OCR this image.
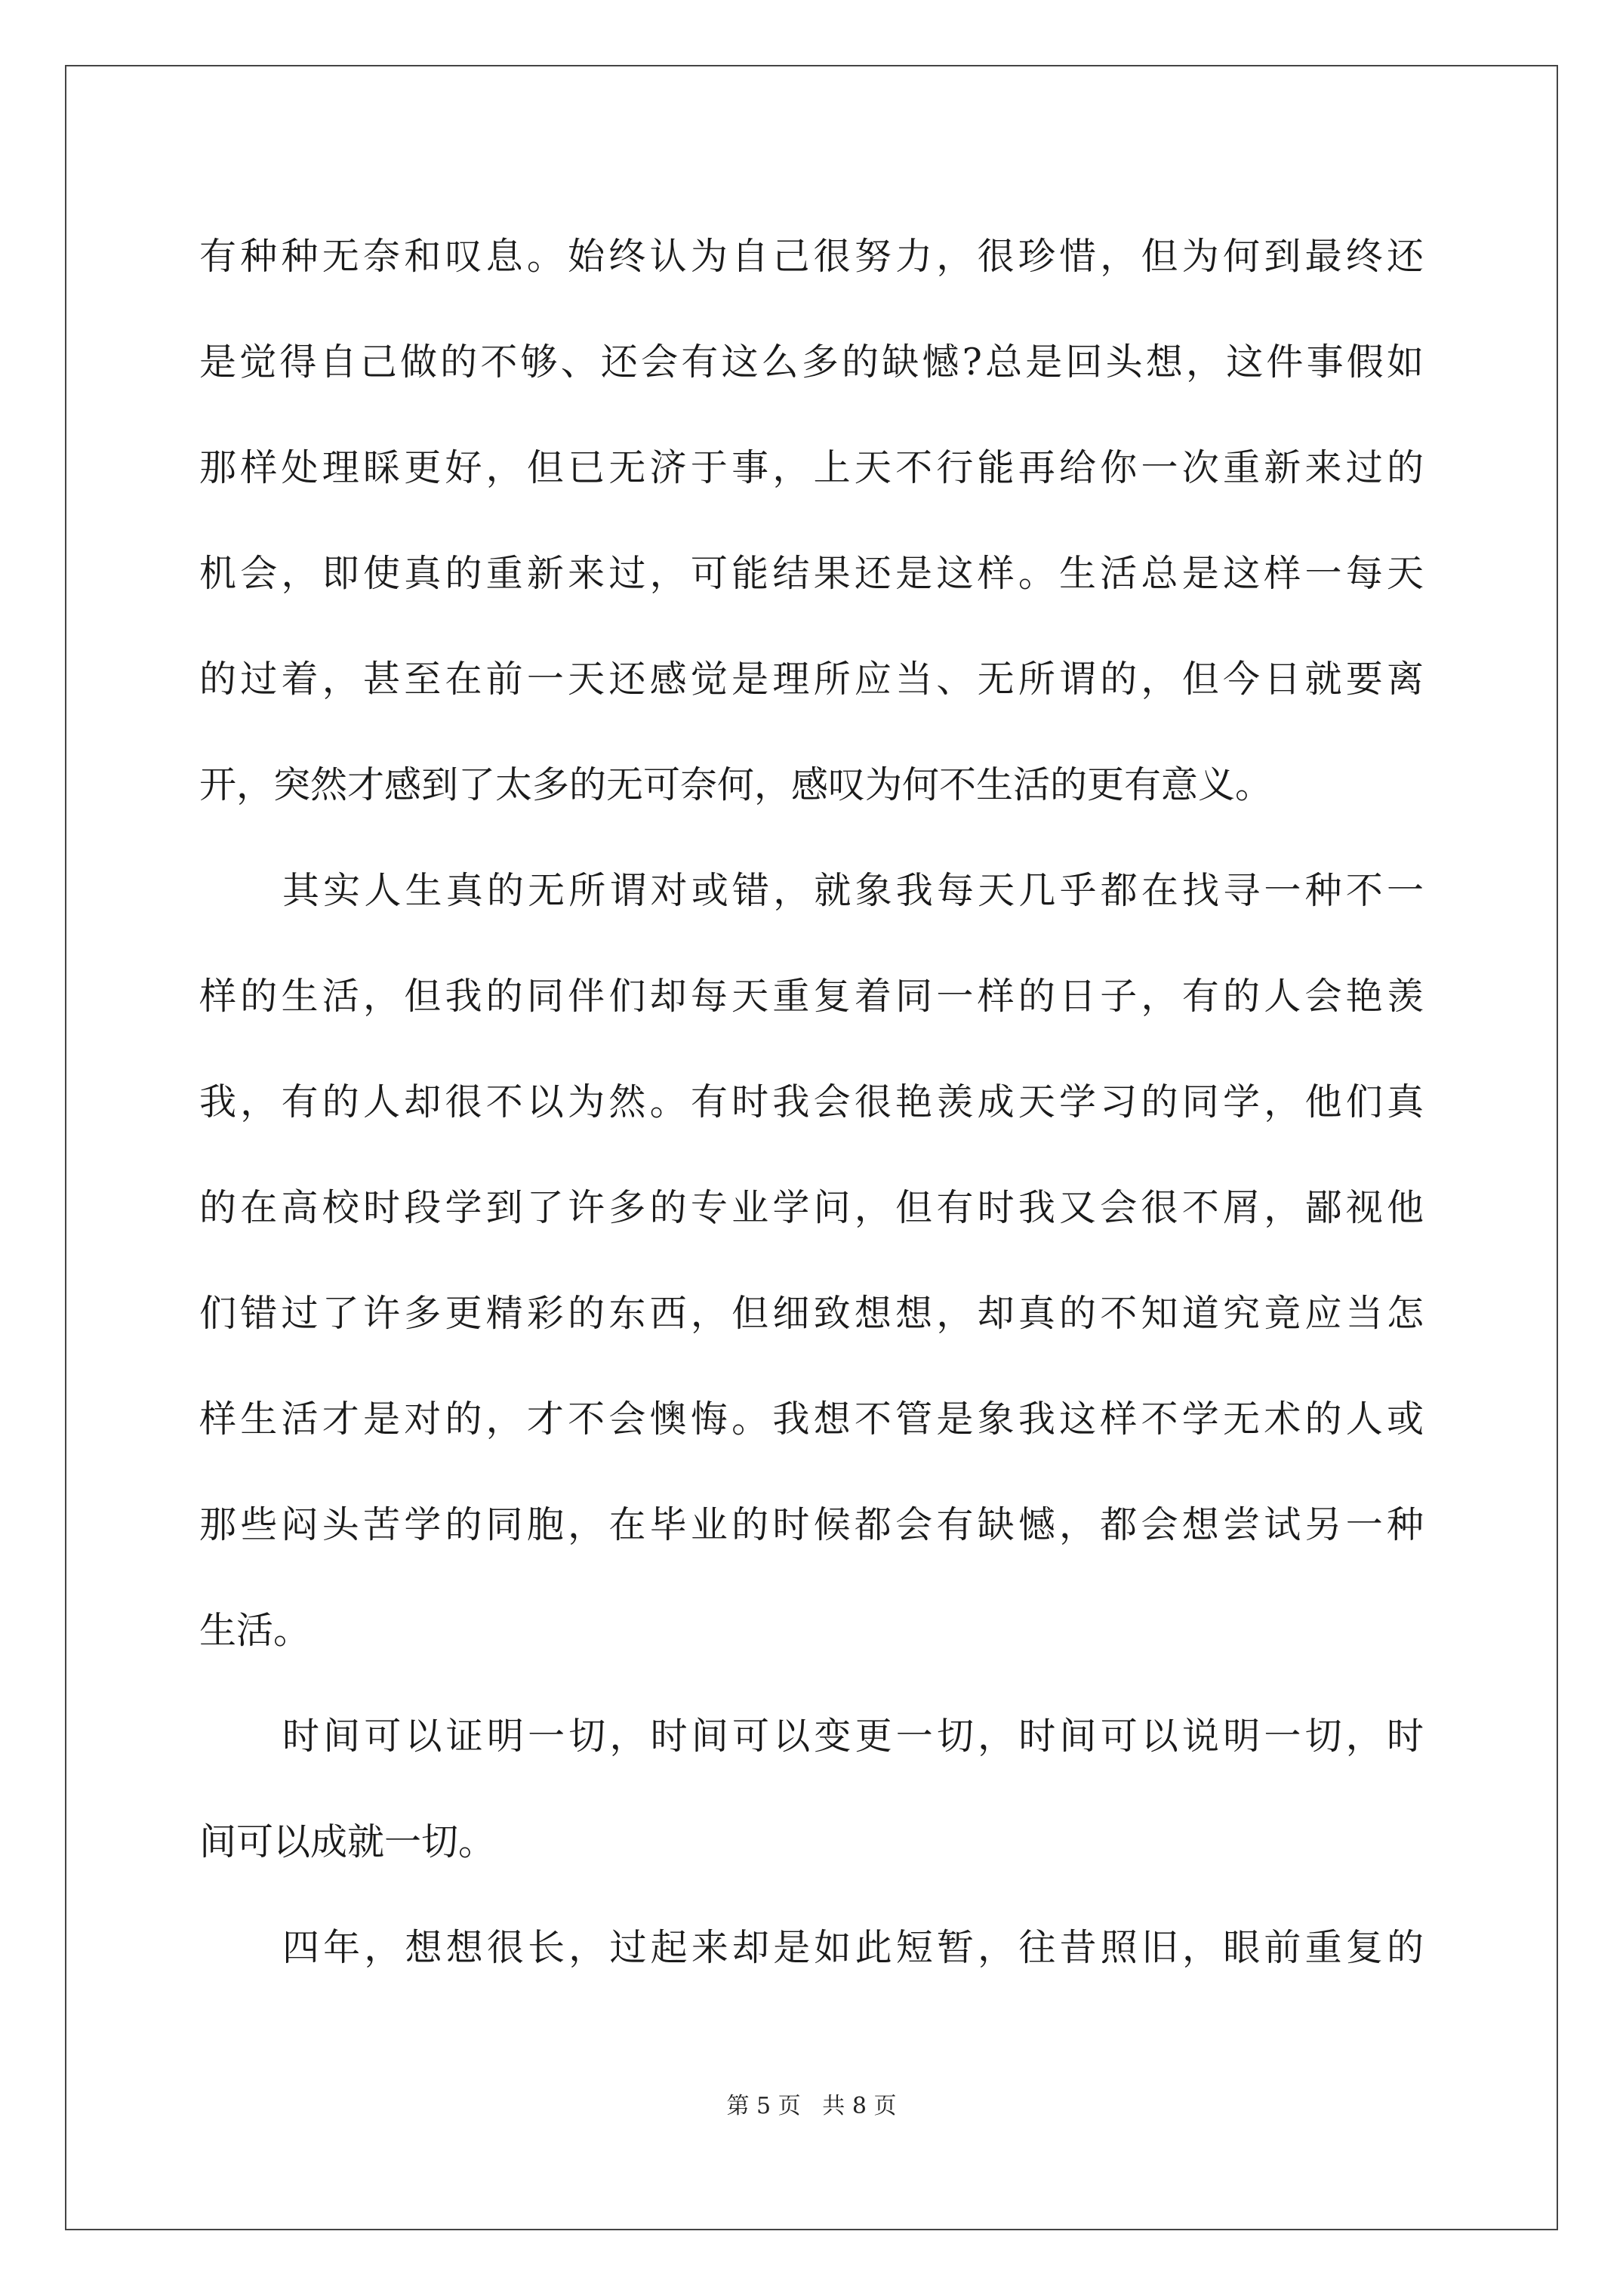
有种种无奈和叹息。始终认为自己很努力，很珍惜，但为何到最终还
是觉得自己做的不够、还会有这么多的缺憾?总是回头想，这件事假如
那样处理睬更好，但已无济于事，上天不行能再给你一次重新来过的
机会，即使真的重新来过，可能结果还是这样。生活总是这样一每天
的过着，甚至在前一天还感觉是理所应当、无所谓的，但今日就要离
开，突然才感到了太多的无可奈何，感叹为何不生活的更有意义。
其实人生真的无所谓对或错，就象我每天几乎都在找寻一种不一
样的生活，但我的同伴们却每天重复着同一样的日子，有的人会艳羡
我，有的人却很不以为然。有时我会很艳羡成天学习的同学，他们真
的在高校时段学到了许多的专业学问，但有时我又会很不屑，鄙视他
们错过了许多更精彩的东西，但细致想想，却真的不知道究竟应当怎
样生活才是对的，才不会懊悔。我想不管是象我这样不学无术的人或
那些闷头苦学的同胞，在毕业的时候都会有缺憾，都会想尝试另一种
生活。
时间可以证明一切，时间可以变更一切，时间可以说明一切，时
间可以成就一切。
四年，想想很长，过起来却是如此短暂，往昔照旧，眼前重复的
第 5 页 共 8 页
